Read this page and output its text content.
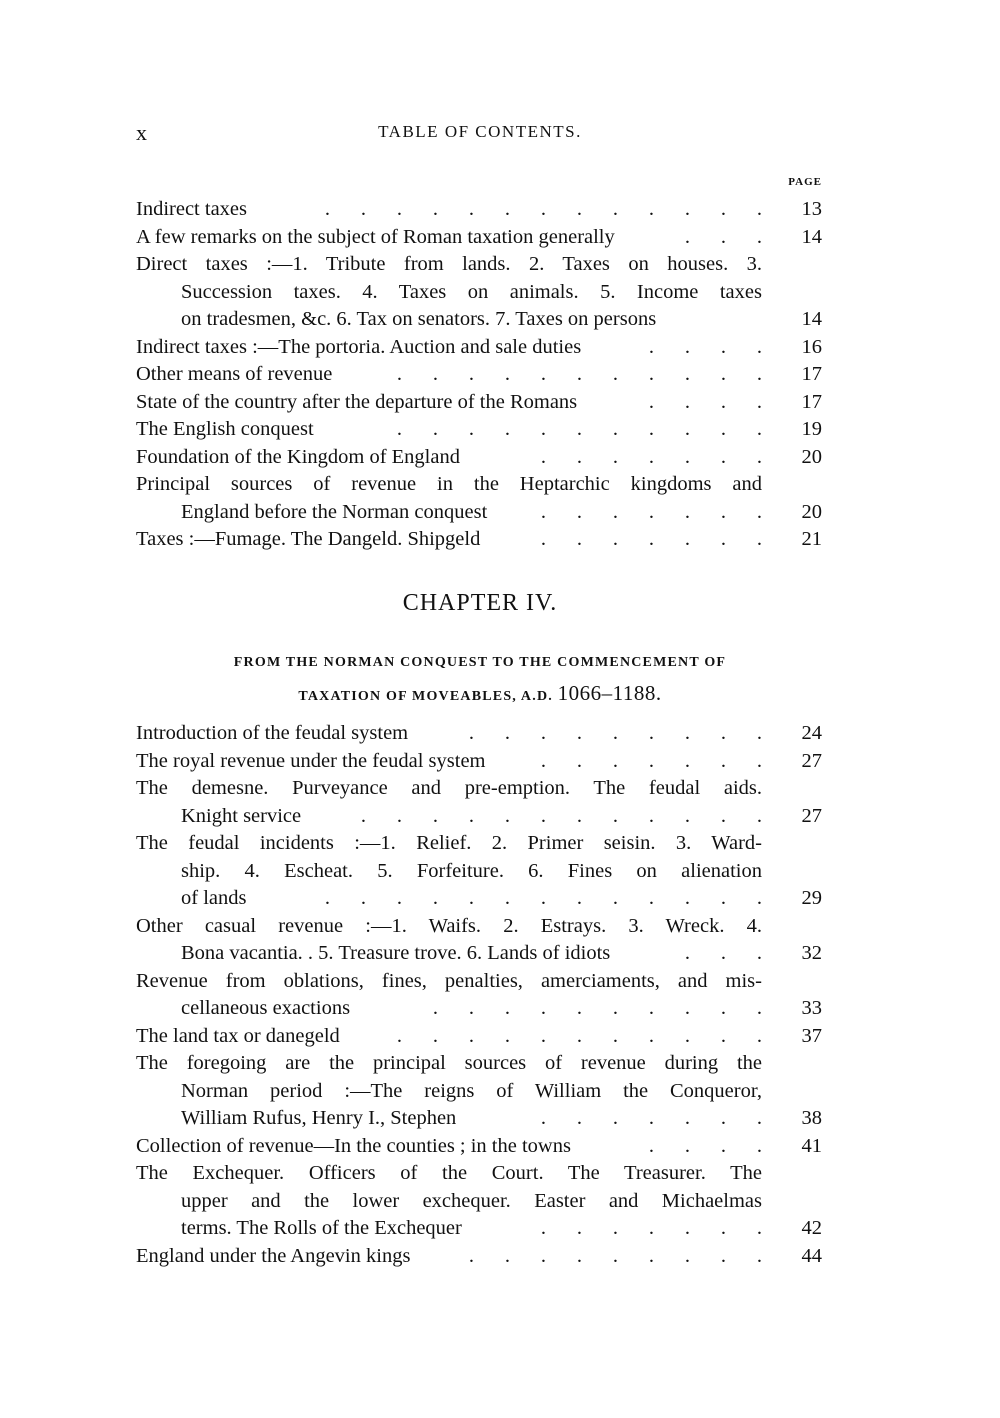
x	TABLE OF CONTENTS.
PAGE
Indirect taxes	. . . . . . . . . . . . .	13
A few remarks on the subject of Roman taxation generally	. . .	14
Direct taxes :—1. Tribute from lands. 2. Taxes on houses. 3.
Succession taxes. 4. Taxes on animals. 5. Income taxes
on tradesmen, &c. 6. Tax on senators. 7. Taxes on persons	14
Indirect taxes :—The portoria. Auction and sale duties	. . . .	16
Other means of revenue	. . . . . . . . . . .	17
State of the country after the departure of the Romans	. . . .	17
The English conquest	. . . . . . . . . . .	19
Foundation of the Kingdom of England	. . . . . . .	20
Principal sources of revenue in the Heptarchic kingdoms and
England before the Norman conquest	. . . . . . .	20
Taxes :—Fumage. The Dangeld. Shipgeld	. . . . . . .	21
CHAPTER IV.
FROM THE NORMAN CONQUEST TO THE COMMENCEMENT OF
TAXATION OF MOVEABLES, A.D. 1066–1188.
Introduction of the feudal system	. . . . . . . . .	24
The royal revenue under the feudal system	. . . . . . .	27
The demesne. Purveyance and pre-emption. The feudal aids.
Knight service	. . . . . . . . . . . .	27
The feudal incidents :—1. Relief. 2. Primer seisin. 3. Ward-
ship. 4. Escheat. 5. Forfeiture. 6. Fines on alienation
of lands	. . . . . . . . . . . . .	29
Other casual revenue :—1. Waifs. 2. Estrays. 3. Wreck. 4.
Bona vacantia. . 5. Treasure trove. 6. Lands of idiots	. . .	32
Revenue from oblations, fines, penalties, amerciaments, and mis-
cellaneous exactions	. . . . . . . . . .	33
The land tax or danegeld	. . . . . . . . . . .	37
The foregoing are the principal sources of revenue during the
Norman period :—The reigns of William the Conqueror,
William Rufus, Henry I., Stephen	. . . . . . .	38
Collection of revenue—In the counties ; in the towns	. . . .	41
The Exchequer. Officers of the Court. The Treasurer. The
upper and the lower exchequer. Easter and Michaelmas
terms. The Rolls of the Exchequer	. . . . . . .	42
England under the Angevin kings	. . . . . . . . .	44
